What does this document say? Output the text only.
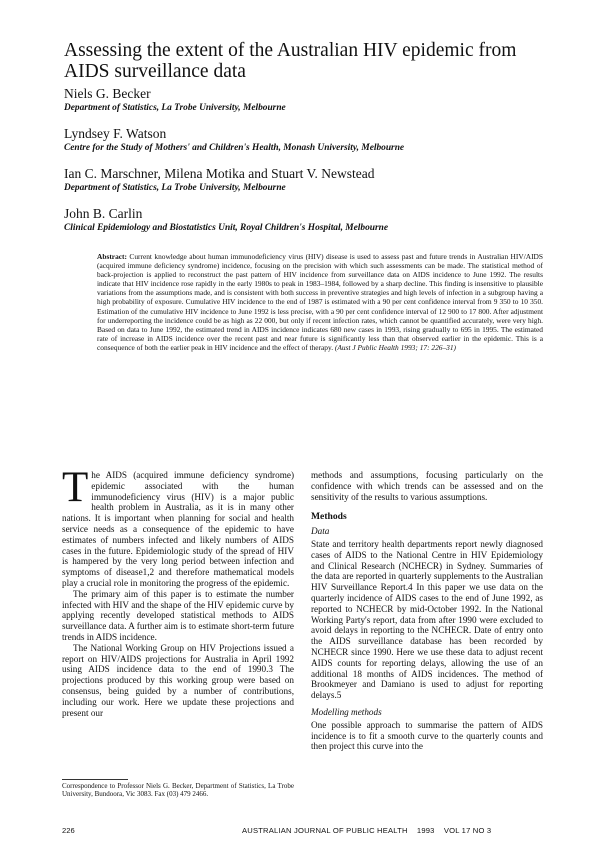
Assessing the extent of the Australian HIV epidemic from AIDS surveillance data
Niels G. Becker
Department of Statistics, La Trobe University, Melbourne
Lyndsey F. Watson
Centre for the Study of Mothers' and Children's Health, Monash University, Melbourne
Ian C. Marschner, Milena Motika and Stuart V. Newstead
Department of Statistics, La Trobe University, Melbourne
John B. Carlin
Clinical Epidemiology and Biostatistics Unit, Royal Children's Hospital, Melbourne

Abstract: Current knowledge about human immunodeficiency virus (HIV) disease is used to assess past and future trends in Australian HIV/AIDS (acquired immune deficiency syndrome) incidence, focusing on the precision with which such assessments can be made. The statistical method of back-projection is applied to reconstruct the past pattern of HIV incidence from surveillance data on AIDS incidence to June 1992. The results indicate that HIV incidence rose rapidly in the early 1980s to peak in 1983–1984, followed by a sharp decline. This finding is insensitive to plausible variations from the assumptions made, and is consistent with both success in preventive strategies and high levels of infection in a subgroup having a high probability of exposure. Cumulative HIV incidence to the end of 1987 is estimated with a 90 per cent confidence interval from 9 350 to 10 350. Estimation of the cumulative HIV incidence to June 1992 is less precise, with a 90 per cent confidence interval of 12 900 to 17 800. After adjustment for underreporting the incidence could be as high as 22 000, but only if recent infection rates, which cannot be quantified accurately, were very high. Based on data to June 1992, the estimated trend in AIDS incidence indicates 680 new cases in 1993, rising gradually to 695 in 1995. The estimated rate of increase in AIDS incidence over the recent past and near future is significantly less than that observed earlier in the epidemic. This is a consequence of both the earlier peak in HIV incidence and the effect of therapy. (Aust J Public Health 1993; 17: 226–31)

The AIDS (acquired immune deficiency syndrome) epidemic associated with the human immunodeficiency virus (HIV) is a major public health problem in Australia, as it is in many other nations. It is important when planning for social and health service needs as a consequence of the epidemic to have estimates of numbers infected and likely numbers of AIDS cases in the future. Epidemiologic study of the spread of HIV is hampered by the very long period between infection and symptoms of disease1,2 and therefore mathematical models play a crucial role in monitoring the progress of the epidemic.

The primary aim of this paper is to estimate the number infected with HIV and the shape of the HIV epidemic curve by applying recently developed statistical methods to AIDS surveillance data. A further aim is to estimate short-term future trends in AIDS incidence.

The National Working Group on HIV Projections issued a report on HIV/AIDS projections for Australia in April 1992 using AIDS incidence data to the end of 1990.3 The projections produced by this working group were based on consensus, being guided by a number of contributions, including our work. Here we update these projections and present our

methods and assumptions, focusing particularly on the confidence with which trends can be assessed and on the sensitivity of the results to various assumptions.

Methods
Data

State and territory health departments report newly diagnosed cases of AIDS to the National Centre in HIV Epidemiology and Clinical Research (NCHECR) in Sydney. Summaries of the data are reported in quarterly supplements to the Australian HIV Surveillance Report.4 In this paper we use data on the quarterly incidence of AIDS cases to the end of June 1992, as reported to NCHECR by mid-October 1992. In the National Working Party's report, data from after 1990 were excluded to avoid delays in reporting to the NCHECR. Date of entry onto the AIDS surveillance database has been recorded by NCHECR since 1990. Here we use these data to adjust recent AIDS counts for reporting delays, allowing the use of an additional 18 months of AIDS incidences. The method of Brookmeyer and Damiano is used to adjust for reporting delays.5

Modelling methods

One possible approach to summarise the pattern of AIDS incidence is to fit a smooth curve to the quarterly counts and then project this curve into the

Correspondence to Professor Niels G. Becker, Department of Statistics, La Trobe University, Bundoora, Vic 3083. Fax (03) 479 2466.

226	AUSTRALIAN JOURNAL OF PUBLIC HEALTH    1993    VOL 17 NO 3
